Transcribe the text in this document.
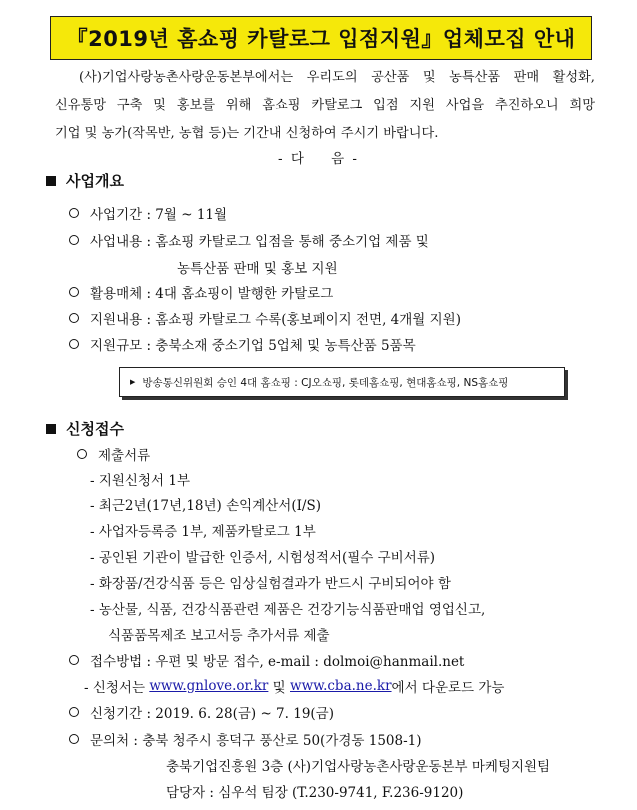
『2019년 홈쇼핑 카탈로그 입점지원』업체모집 안내
(사)기업사랑농촌사랑운동본부에서는 우리도의 공산품 및 농특산품 판매 활성화,
신유통망 구축 및 홍보를 위해 홈쇼핑 카탈로그 입점 지원 사업을 추진하오니 희망
기업 및 농가(작목반, 농협 등)는 기간내 신청하여 주시기 바랍니다.
- 다    음 -
사업개요
사업기간 : 7월 ~ 11월
사업내용 : 홈쇼핑 카탈로그 입점을 통해 중소기업 제품 및
농특산품 판매 및 홍보 지원
활용매체 : 4대 홈쇼핑이 발행한 카탈로그
지원내용 : 홈쇼핑 카탈로그 수록(홍보페이지 전면, 4개월 지원)
지원규모 : 충북소재 중소기업 5업체 및 농특산품 5품목
▶ 방송통신위원회 승인 4대 홈쇼핑 : CJ오쇼핑, 롯데홈쇼핑, 현대홈쇼핑, NS홈쇼핑
신청접수
제출서류
- 지원신청서 1부
- 최근2년(17년,18년) 손익계산서(I/S)
- 사업자등록증 1부, 제품카탈로그 1부
- 공인된 기관이 발급한 인증서, 시험성적서(필수 구비서류)
- 화장품/건강식품 등은 임상실험결과가 반드시 구비되어야 함
- 농산물, 식품, 건강식품관련 제품은 건강기능식품판매업 영업신고,
식품품목제조 보고서등 추가서류 제출
접수방법 : 우편 및 방문 접수, e-mail : dolmoi@hanmail.net
- 신청서는 www.gnlove.or.kr 및 www.cba.ne.kr 에서 다운로드 가능
신청기간 : 2019. 6. 28(금) ~ 7. 19(금)
문의처 : 충북 청주시 흥덕구 풍산로 50(가경동 1508-1)
충북기업진흥원 3층 (사)기업사랑농촌사랑운동본부 마케팅지원팀
담당자 : 심우석 팀장 (T.230-9741, F.236-9120)
